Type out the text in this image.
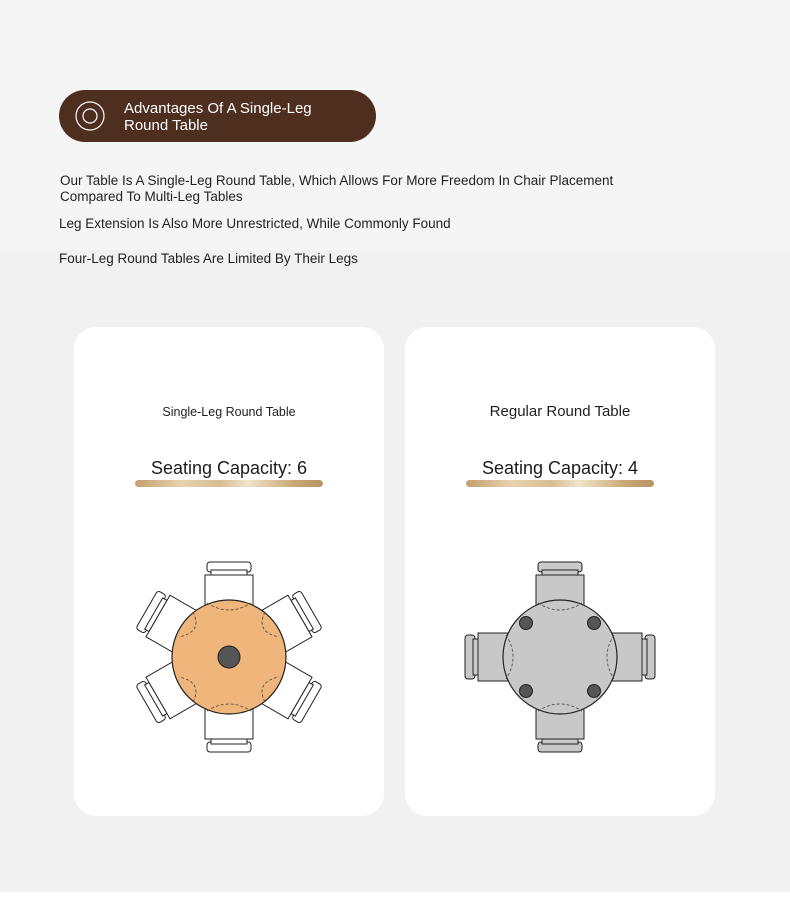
Advantages Of A Single-Leg
Round Table
Our Table Is A Single-Leg Round Table, Which Allows For More Freedom In Chair Placement
Compared To Multi-Leg Tables
Leg Extension Is Also More Unrestricted, While Commonly Found
Four-Leg Round Tables Are Limited By Their Legs
Single-Leg Round Table
Seating Capacity: 6
Regular Round Table
Seating Capacity: 4
